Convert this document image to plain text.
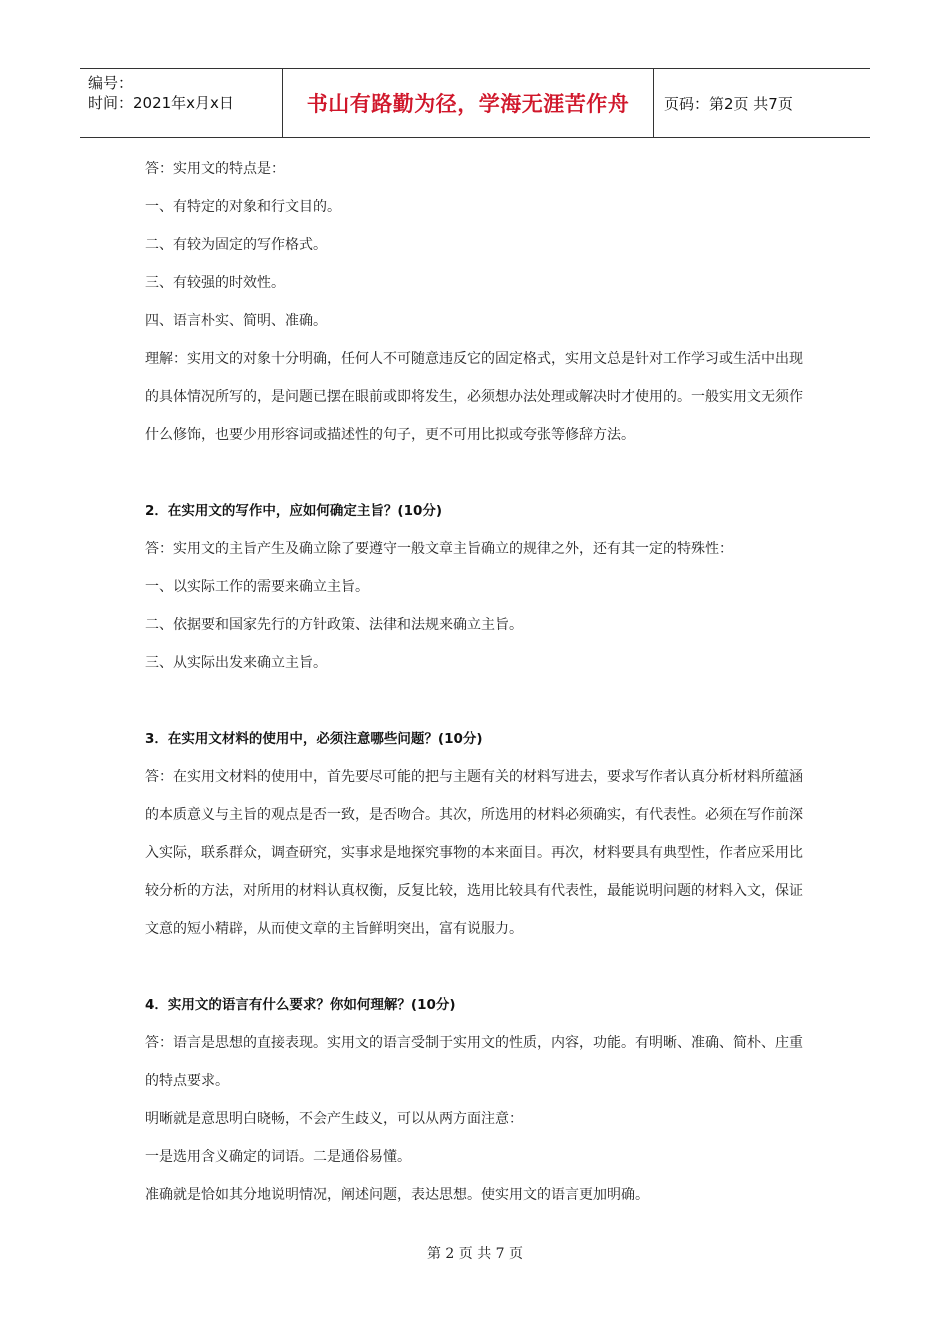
编号：
时间：2021年x月x日	书山有路勤为径，学海无涯苦作舟	页码：第2页 共7页

答：实用文的特点是：

一、有特定的对象和行文目的。

二、有较为固定的写作格式。

三、有较强的时效性。

四、语言朴实、简明、准确。

理解：实用文的对象十分明确，任何人不可随意违反它的固定格式，实用文总是针对工作学习或生活中出现的具体情况所写的，是问题已摆在眼前或即将发生，必须想办法处理或解决时才使用的。一般实用文无须作什么修饰，也要少用形容词或描述性的句子，更不可用比拟或夸张等修辞方法。

2．在实用文的写作中，应如何确定主旨？(10分)

答：实用文的主旨产生及确立除了要遵守一般文章主旨确立的规律之外，还有其一定的特殊性：

一、以实际工作的需要来确立主旨。

二、依据要和国家先行的方针政策、法律和法规来确立主旨。

三、从实际出发来确立主旨。

3．在实用文材料的使用中，必须注意哪些问题？(10分)

答：在实用文材料的使用中，首先要尽可能的把与主题有关的材料写进去，要求写作者认真分析材料所蕴涵的本质意义与主旨的观点是否一致，是否吻合。其次，所选用的材料必须确实，有代表性。必须在写作前深入实际，联系群众，调查研究，实事求是地探究事物的本来面目。再次，材料要具有典型性，作者应采用比较分析的方法，对所用的材料认真权衡，反复比较，选用比较具有代表性，最能说明问题的材料入文，保证文意的短小精辟，从而使文章的主旨鲜明突出，富有说服力。

4．实用文的语言有什么要求？你如何理解？(10分)

答：语言是思想的直接表现。实用文的语言受制于实用文的性质，内容，功能。有明晰、准确、简朴、庄重的特点要求。

明晰就是意思明白晓畅，不会产生歧义，可以从两方面注意：

一是选用含义确定的词语。二是通俗易懂。

准确就是恰如其分地说明情况，阐述问题，表达思想。使实用文的语言更加明确。

第 2 页 共 7 页
